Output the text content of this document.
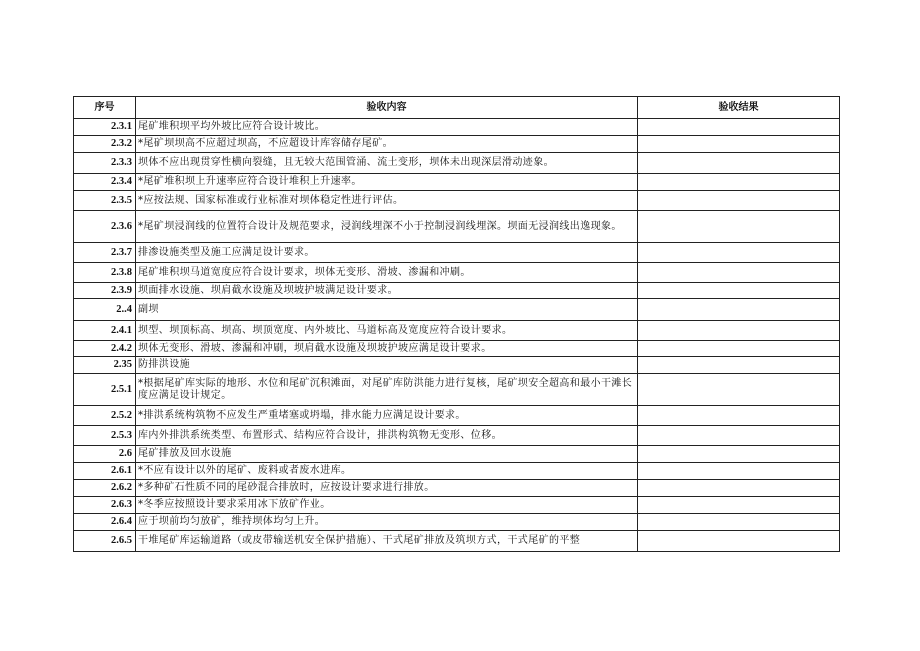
序号	验收内容	验收结果
2.3.1	尾矿堆积坝平均外坡比应符合设计坡比。	
2.3.2	*尾矿坝坝高不应超过坝高，不应超设计库容储存尾矿。	
2.3.3	坝体不应出现贯穿性横向裂缝，且无较大范围管涌、流土变形，坝体未出现深层滑动迹象。	
2.3.4	*尾矿堆积坝上升速率应符合设计堆积上升速率。	
2.3.5	*应按法规、国家标准或行业标准对坝体稳定性进行评估。	
2.3.6	*尾矿坝浸润线的位置符合设计及规范要求，浸润线埋深不小于控制浸润线埋深。坝面无浸润线出逸现象。	
2.3.7	排渗设施类型及施工应满足设计要求。	
2.3.8	尾矿堆积坝马道宽度应符合设计要求，坝体无变形、滑坡、渗漏和冲刷。	
2.3.9	坝面排水设施、坝肩截水设施及坝坡护坡满足设计要求。	
2..4	副坝	
2.4.1	坝型、坝顶标高、坝高、坝顶宽度、内外坡比、马道标高及宽度应符合设计要求。	
2.4.2	坝体无变形、滑坡、渗漏和冲刷，坝肩截水设施及坝坡护坡应满足设计要求。	
2.35	防排洪设施	
2.5.1	*根据尾矿库实际的地形、水位和尾矿沉积滩面，对尾矿库防洪能力进行复核，尾矿坝安全超高和最小干滩长度应满足设计规定。	
2.5.2	*排洪系统构筑物不应发生严重堵塞或坍塌，排水能力应满足设计要求。	
2.5.3	库内外排洪系统类型、布置形式、结构应符合设计，排洪构筑物无变形、位移。	
2.6	尾矿排放及回水设施	
2.6.1	*不应有设计以外的尾矿、废料或者废水进库。	
2.6.2	*多种矿石性质不同的尾砂混合排放时，应按设计要求进行排放。	
2.6.3	*冬季应按照设计要求采用冰下放矿作业。	
2.6.4	应于坝前均匀放矿，维持坝体均匀上升。	
2.6.5	干堆尾矿库运输道路（或皮带输送机安全保护措施）、干式尾矿排放及筑坝方式，干式尾矿的平整	
